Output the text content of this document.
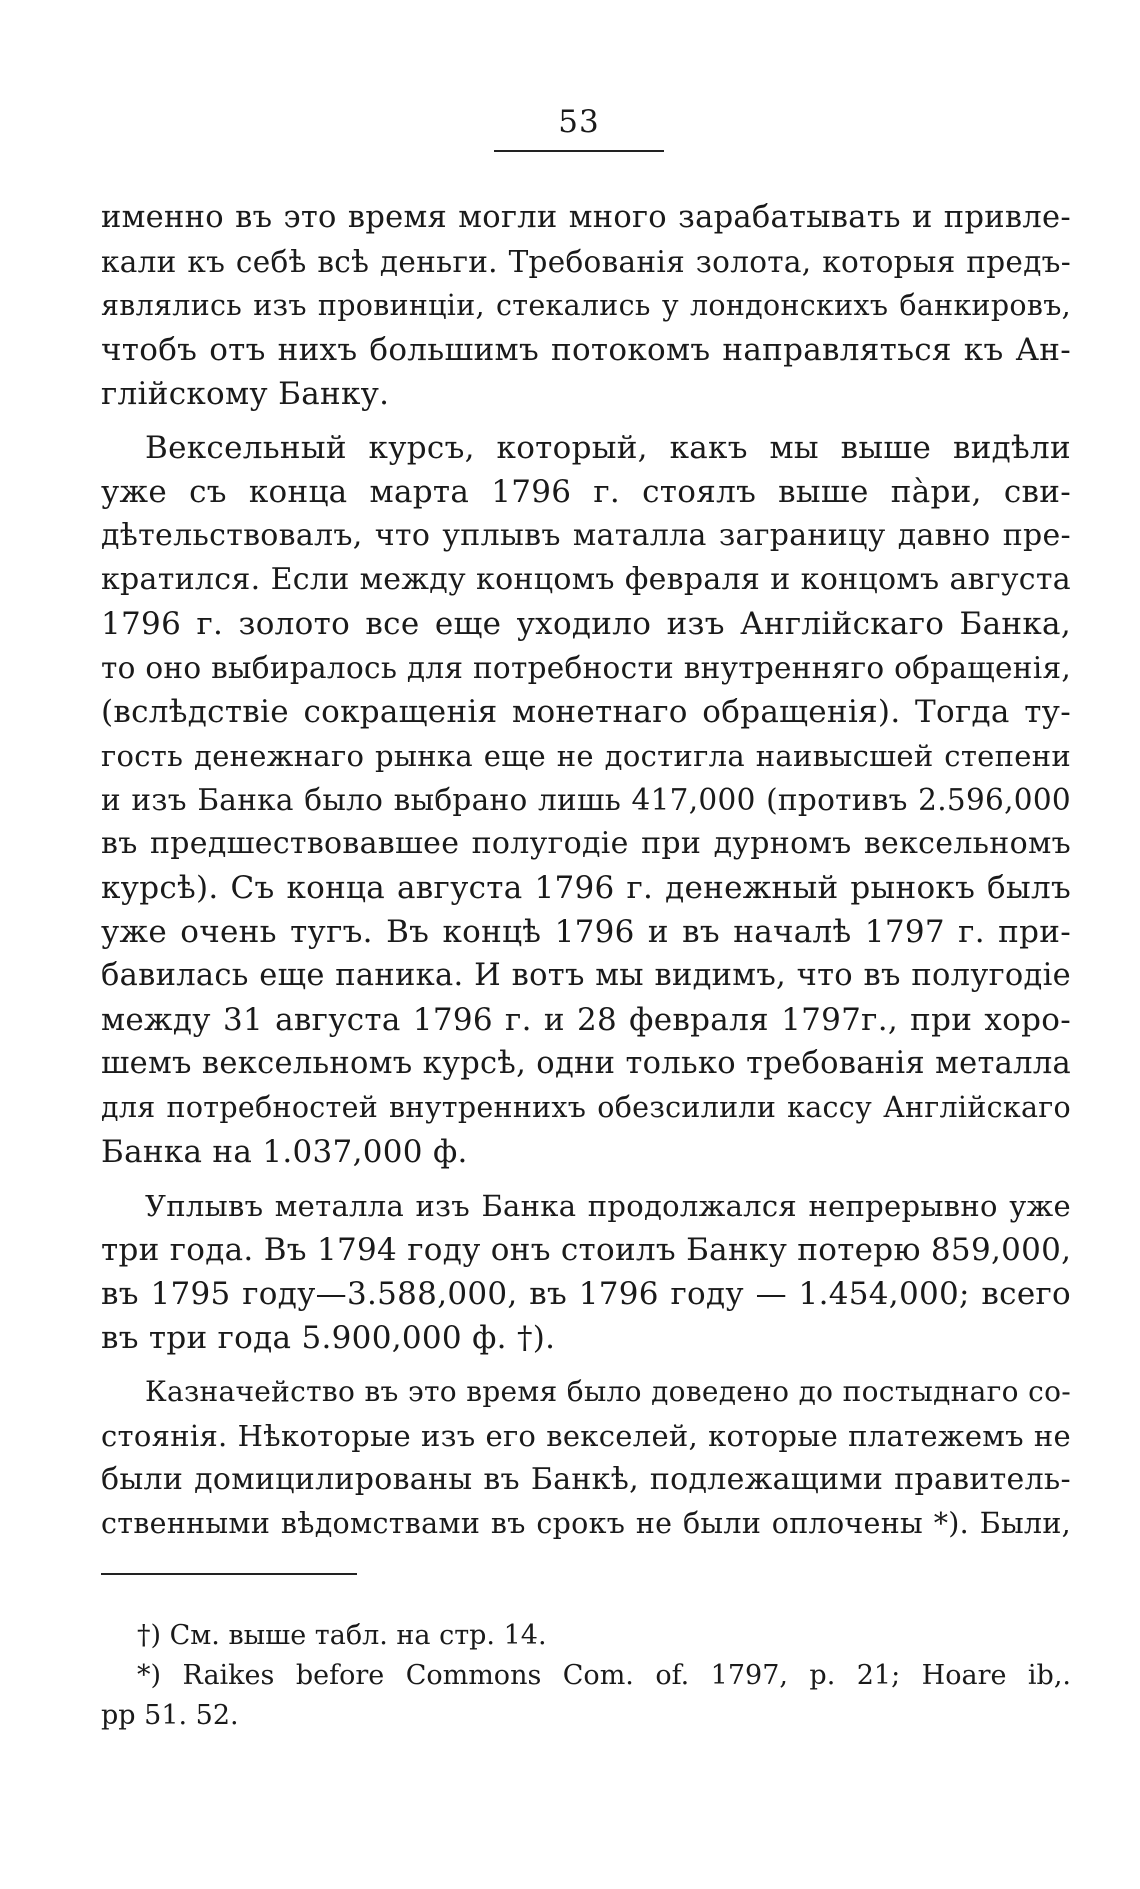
53
именно въ это время могли много зарабатывать и привле-
кали къ себѣ всѣ деньги. Требованія золота, которыя предъ-
являлись изъ провинціи, стекались у лондонскихъ банкировъ,
чтобъ отъ нихъ большимъ потокомъ направляться къ Ан-
глійскому Банку.
Вексельный курсъ, который, какъ мы выше видѣли
уже съ конца марта 1796 г. стоялъ выше пàри, сви-
дѣтельствовалъ, что уплывъ маталла заграницу давно пре-
кратился. Если между концомъ февраля и концомъ августа
1796 г. золото все еще уходило изъ Англійскаго Банка,
то оно выбиралось для потребности внутренняго обращенія,
(вслѣдствіе сокращенія монетнаго обращенія). Тогда ту-
гость денежнаго рынка еще не достигла наивысшей степени
и изъ Банка было выбрано лишь 417,000 (противъ 2.596,000
въ предшествовавшее полугодіе при дурномъ вексельномъ
курсѣ). Съ конца августа 1796 г. денежный рынокъ былъ
уже очень тугъ. Въ концѣ 1796 и въ началѣ 1797 г. при-
бавилась еще паника. И вотъ мы видимъ, что въ полугодіе
между 31 августа 1796 г. и 28 февраля 1797г., при хоро-
шемъ вексельномъ курсѣ, одни только требованія металла
для потребностей внутреннихъ обезсилили кассу Англійскаго
Банка на 1.037,000 ф.
Уплывъ металла изъ Банка продолжался непрерывно уже
три года. Въ 1794 году онъ стоилъ Банку потерю 859,000,
въ 1795 году—3.588,000, въ 1796 году — 1.454,000; всего
въ три года 5.900,000 ф. †).
Казначейство въ это время было доведено до постыднаго со-
стоянія. Нѣкоторые изъ его векселей, которые платежемъ не
были домицилированы въ Банкѣ, подлежащими правитель-
ственными вѣдомствами въ срокъ не были оплочены *). Были,
†) См. выше табл. на стр. 14.
*) Raikes before Commons Com. of. 1797, p. 21; Hoare ib,.
pp 51. 52.
